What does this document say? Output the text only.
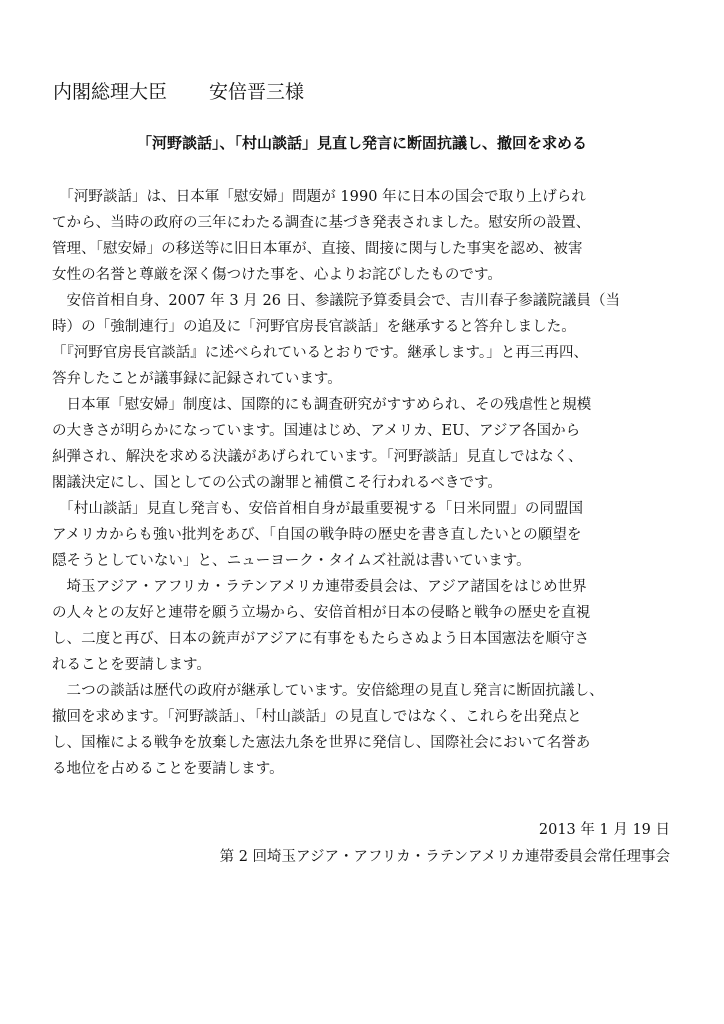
内閣総理大臣 安倍晋三様
「河野談話」、「村山談話」見直し発言に断固抗議し、撤回を求める
　「河野談話」は、日本軍「慰安婦」問題が 1990 年に日本の国会で取り上げられ
てから、当時の政府の三年にわたる調査に基づき発表されました。慰安所の設置、
管理、「慰安婦」の移送等に旧日本軍が、直接、間接に関与した事実を認め、被害
女性の名誉と尊厳を深く傷つけた事を、心よりお詫びしたものです。
　安倍首相自身、2007 年 3 月 26 日、参議院予算委員会で、吉川春子参議院議員（当
時）の「強制連行」の追及に「河野官房長官談話」を継承すると答弁しました。
「『河野官房長官談話』に述べられているとおりです。継承します。」と再三再四、
答弁したことが議事録に記録されています。
　日本軍「慰安婦」制度は、国際的にも調査研究がすすめられ、その残虐性と規模
の大きさが明らかになっています。国連はじめ、アメリカ、EU、アジア各国から
糾弾され、解決を求める決議があげられています。「河野談話」見直しではなく、
閣議決定にし、国としての公式の謝罪と補償こそ行われるべきです。
　「村山談話」見直し発言も、安倍首相自身が最重要視する「日米同盟」の同盟国
アメリカからも強い批判をあび、「自国の戦争時の歴史を書き直したいとの願望を
隠そうとしていない」と、ニューヨーク・タイムズ社説は書いています。
　埼玉アジア・アフリカ・ラテンアメリカ連帯委員会は、アジア諸国をはじめ世界
の人々との友好と連帯を願う立場から、安倍首相が日本の侵略と戦争の歴史を直視
し、二度と再び、日本の銃声がアジアに有事をもたらさぬよう日本国憲法を順守さ
れることを要請します。
　二つの談話は歴代の政府が継承しています。安倍総理の見直し発言に断固抗議し、
撤回を求めます。「河野談話」、「村山談話」の見直しではなく、これらを出発点と
し、国権による戦争を放棄した憲法九条を世界に発信し、国際社会において名誉あ
る地位を占めることを要請します。
2013 年 1 月 19 日
第 2 回埼玉アジア・アフリカ・ラテンアメリカ連帯委員会常任理事会
